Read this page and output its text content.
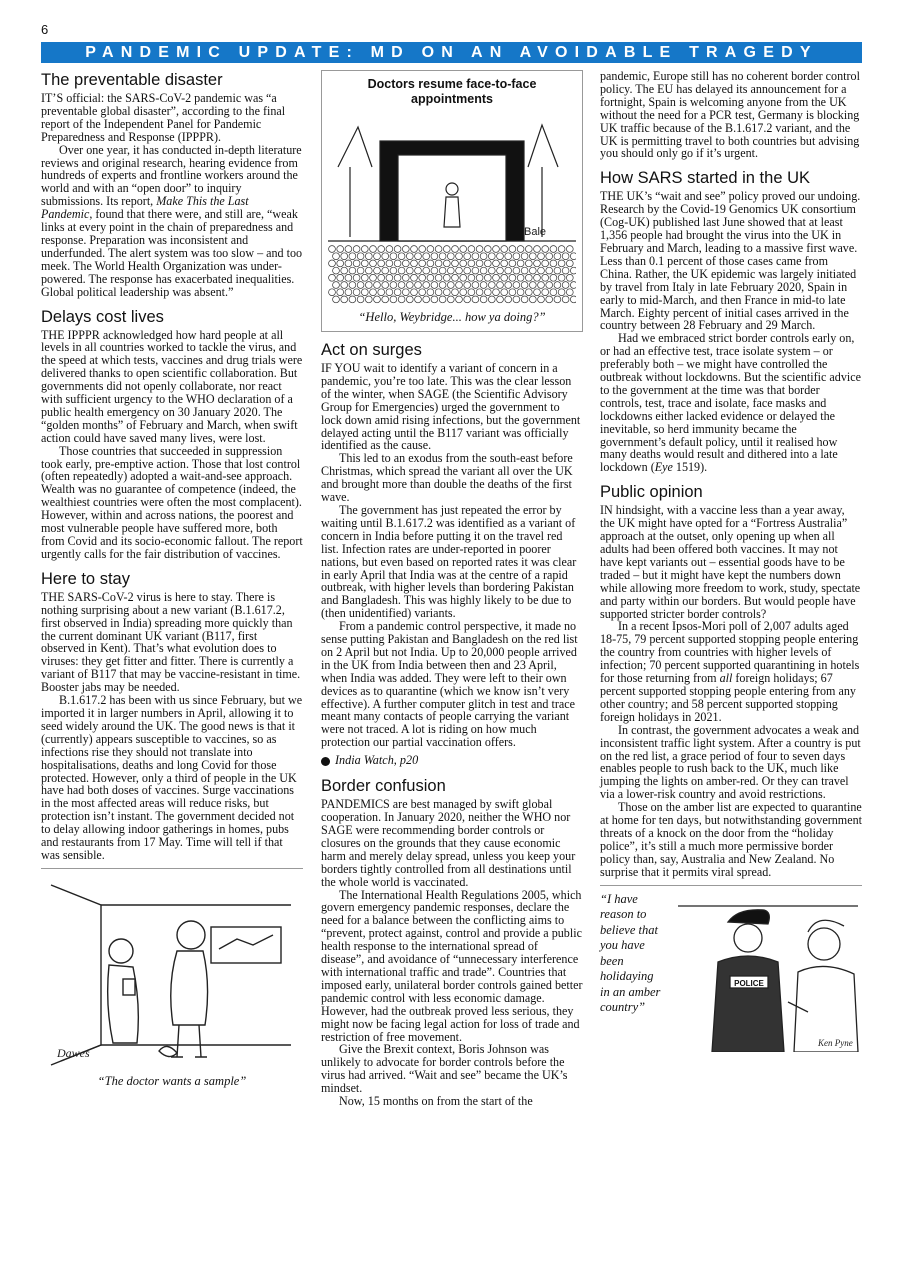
6
PANDEMIC UPDATE: MD ON AN AVOIDABLE TRAGEDY
The preventable disaster

IT’S official: the SARS-CoV-2 pandemic was “a preventable global disaster”, according to the final report of the Independent Panel for Pandemic Preparedness and Response (IPPPR).

Over one year, it has conducted in-depth literature reviews and original research, hearing evidence from hundreds of experts and frontline workers around the world and with an “open door” to inquiry submissions. Its report, Make This the Last Pandemic, found that there were, and still are, “weak links at every point in the chain of preparedness and response. Preparation was inconsistent and underfunded. The alert system was too slow – and too meek. The World Health Organization was under-powered. The response has exacerbated inequalities. Global political leadership was absent.”

Delays cost lives

THE IPPPR acknowledged how hard people at all levels in all countries worked to tackle the virus, and the speed at which tests, vaccines and drug trials were delivered thanks to open scientific collaboration. But governments did not openly collaborate, nor react with sufficient urgency to the WHO declaration of a public health emergency on 30 January 2020. The “golden months” of February and March, when swift action could have saved many lives, were lost.

Those countries that succeeded in suppression took early, pre-emptive action. Those that lost control (often repeatedly) adopted a wait-and-see approach. Wealth was no guarantee of competence (indeed, the wealthiest countries were often the most complacent). However, within and across nations, the poorest and most vulnerable people have suffered more, both from Covid and its socio-economic fallout. The report urgently calls for the fair distribution of vaccines.

Here to stay

THE SARS-CoV-2 virus is here to stay. There is nothing surprising about a new variant (B.1.617.2, first observed in India) spreading more quickly than the current dominant UK variant (B117, first observed in Kent). That’s what evolution does to viruses: they get fitter and fitter. There is currently a variant of B117 that may be vaccine-resistant in time. Booster jabs may be needed.

B.1.617.2 has been with us since February, but we imported it in larger numbers in April, allowing it to seed widely around the UK. The good news is that it (currently) appears susceptible to vaccines, so as infections rise they should not translate into hospitalisations, deaths and long Covid for those protected. However, only a third of people in the UK have had both doses of vaccines. Surge vaccinations in the most affected areas will reduce risks, but protection isn’t instant. The government decided not to delay allowing indoor gatherings in homes, pubs and restaurants from 17 May. Time will tell if that was sensible.

Dawes
“The doctor wants a sample”
Doctors resume face-to-face appointments
Bale
“Hello, Weybridge... how ya doing?”
Act on surges

IF YOU wait to identify a variant of concern in a pandemic, you’re too late. This was the clear lesson of the winter, when SAGE (the Scientific Advisory Group for Emergencies) urged the government to lock down amid rising infections, but the government delayed acting until the B117 variant was officially identified as the cause.

This led to an exodus from the south-east before Christmas, which spread the variant all over the UK and brought more than double the deaths of the first wave.

The government has just repeated the error by waiting until B.1.617.2 was identified as a variant of concern in India before putting it on the travel red list. Infection rates are under-reported in poorer nations, but even based on reported rates it was clear in early April that India was at the centre of a rapid outbreak, with higher levels than bordering Pakistan and Bangladesh. This was highly likely to be due to (then unidentified) variants.

From a pandemic control perspective, it made no sense putting Pakistan and Bangladesh on the red list on 2 April but not India. Up to 20,000 people arrived in the UK from India between then and 23 April, when India was added. They were left to their own devices as to quarantine (which we know isn’t very effective). A further computer glitch in test and trace meant many contacts of people carrying the variant were not traced. A lot is riding on how much protection our partial vaccination offers.

India Watch, p20
Border confusion

PANDEMICS are best managed by swift global cooperation. In January 2020, neither the WHO nor SAGE were recommending border controls or closures on the grounds that they cause economic harm and merely delay spread, unless you keep your borders tightly controlled from all destinations until the whole world is vaccinated.

The International Health Regulations 2005, which govern emergency pandemic responses, declare the need for a balance between the conflicting aims to “prevent, protect against, control and provide a public health response to the international spread of disease”, and avoidance of “unnecessary interference with international traffic and trade”. Countries that imposed early, unilateral border controls gained better pandemic control with less economic damage. However, had the outbreak proved less serious, they might now be facing legal action for loss of trade and restriction of free movement.

Give the Brexit context, Boris Johnson was unlikely to advocate for border controls before the virus had arrived. “Wait and see” became the UK’s mindset.

Now, 15 months on from the start of the

pandemic, Europe still has no coherent border control policy. The EU has delayed its announcement for a fortnight, Spain is welcoming anyone from the UK without the need for a PCR test, Germany is blocking UK traffic because of the B.1.617.2 variant, and the UK is permitting travel to both countries but advising you should only go if it’s urgent.

How SARS started in the UK

THE UK’s “wait and see” policy proved our undoing. Research by the Covid-19 Genomics UK consortium (Cog-UK) published last June showed that at least 1,356 people had brought the virus into the UK in February and March, leading to a massive first wave. Less than 0.1 percent of those cases came from China. Rather, the UK epidemic was largely initiated by travel from Italy in late February 2020, Spain in early to mid-March, and then France in mid-to late March. Eighty percent of initial cases arrived in the country between 28 February and 29 March.

Had we embraced strict border controls early on, or had an effective test, trace isolate system – or preferably both – we might have controlled the outbreak without lockdowns. But the scientific advice to the government at the time was that border controls, test, trace and isolate, face masks and lockdowns either lacked evidence or delayed the inevitable, so herd immunity became the government’s default policy, until it realised how many deaths would result and dithered into a late lockdown (Eye 1519).

Public opinion

IN hindsight, with a vaccine less than a year away, the UK might have opted for a “Fortress Australia” approach at the outset, only opening up when all adults had been offered both vaccines. It may not have kept variants out – essential goods have to be traded – but it might have kept the numbers down while allowing more freedom to work, study, spectate and party within our borders. But would people have supported stricter border controls?

In a recent Ipsos-Mori poll of 2,007 adults aged 18-75, 79 percent supported stopping people entering the country from countries with higher levels of infection; 70 percent supported quarantining in hotels for those returning from all foreign holidays; 67 percent supported stopping people entering from any other country; and 58 percent supported stopping foreign holidays in 2021.

In contrast, the government advocates a weak and inconsistent traffic light system. After a country is put on the red list, a grace period of four to seven days enables people to rush back to the UK, much like jumping the lights on amber-red. Or they can travel via a lower-risk country and avoid restrictions.

Those on the amber list are expected to quarantine at home for ten days, but notwithstanding government threats of a knock on the door from the “holiday police”, it’s still a much more permissive border policy than, say, Australia and New Zealand. No surprise that it permits viral spread.

“I have reason to believe that you have been holidaying in an amber country”
POLICE
Ken Pyne
